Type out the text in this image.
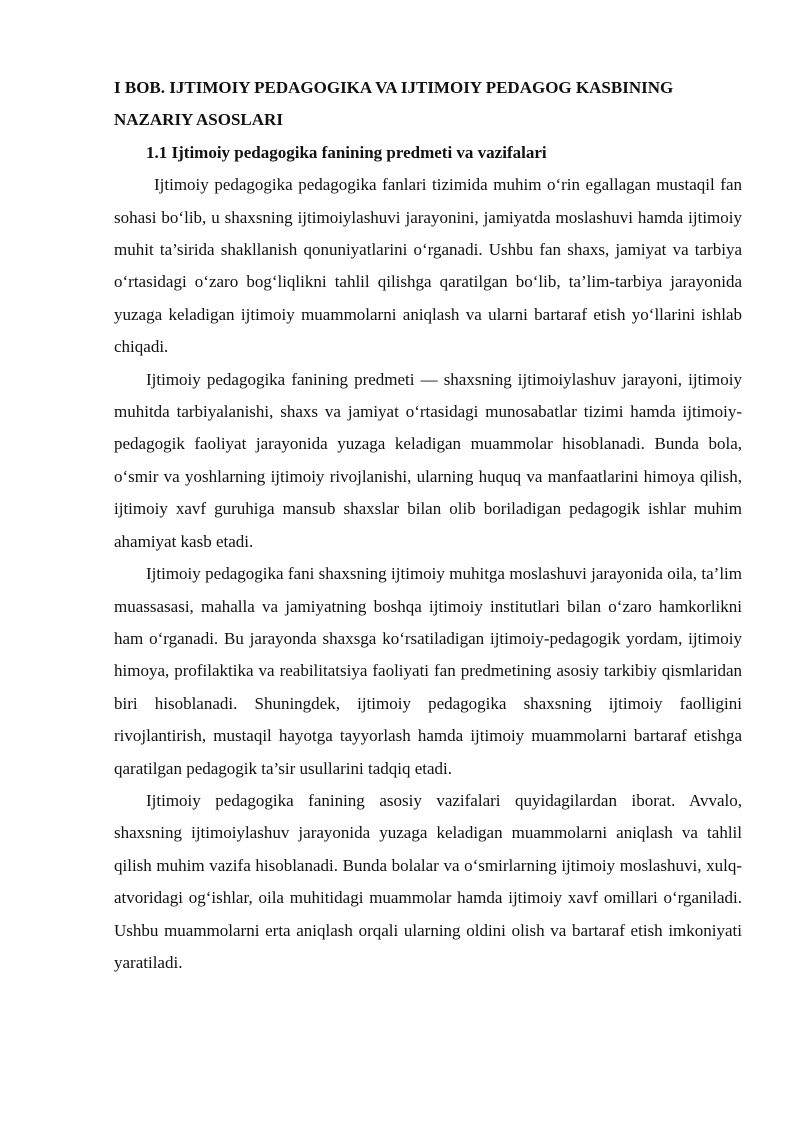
I BOB. IJTIMOIY PEDAGOGIKA VA IJTIMOIY PEDAGOG KASBINING NAZARIY ASOSLARI

1.1 Ijtimoiy pedagogika fanining predmeti va vazifalari

Ijtimoiy pedagogika pedagogika fanlari tizimida muhim o‘rin egallagan mustaqil fan sohasi bo‘lib, u shaxsning ijtimoiylashuvi jarayonini, jamiyatda moslashuvi hamda ijtimoiy muhit ta’sirida shakllanish qonuniyatlarini o‘rganadi. Ushbu fan shaxs, jamiyat va tarbiya o‘rtasidagi o‘zaro bog‘liqlikni tahlil qilishga qaratilgan bo‘lib, ta’lim-tarbiya jarayonida yuzaga keladigan ijtimoiy muammolarni aniqlash va ularni bartaraf etish yo‘llarini ishlab chiqadi.

Ijtimoiy pedagogika fanining predmeti — shaxsning ijtimoiylashuv jarayoni, ijtimoiy muhitda tarbiyalanishi, shaxs va jamiyat o‘rtasidagi munosabatlar tizimi hamda ijtimoiy-pedagogik faoliyat jarayonida yuzaga keladigan muammolar hisoblanadi. Bunda bola, o‘smir va yoshlarning ijtimoiy rivojlanishi, ularning huquq va manfaatlarini himoya qilish, ijtimoiy xavf guruhiga mansub shaxslar bilan olib boriladigan pedagogik ishlar muhim ahamiyat kasb etadi.

Ijtimoiy pedagogika fani shaxsning ijtimoiy muhitga moslashuvi jarayonida oila, ta’lim muassasasi, mahalla va jamiyatning boshqa ijtimoiy institutlari bilan o‘zaro hamkorlikni ham o‘rganadi. Bu jarayonda shaxsga ko‘rsatiladigan ijtimoiy-pedagogik yordam, ijtimoiy himoya, profilaktika va reabilitatsiya faoliyati fan predmetining asosiy tarkibiy qismlaridan biri hisoblanadi. Shuningdek, ijtimoiy pedagogika shaxsning ijtimoiy faolligini rivojlantirish, mustaqil hayotga tayyorlash hamda ijtimoiy muammolarni bartaraf etishga qaratilgan pedagogik ta’sir usullarini tadqiq etadi.

Ijtimoiy pedagogika fanining asosiy vazifalari quyidagilardan iborat. Avvalo, shaxsning ijtimoiylashuv jarayonida yuzaga keladigan muammolarni aniqlash va tahlil qilish muhim vazifa hisoblanadi. Bunda bolalar va o‘smirlarning ijtimoiy moslashuvi, xulq-atvoridagi og‘ishlar, oila muhitidagi muammolar hamda ijtimoiy xavf omillari o‘rganiladi. Ushbu muammolarni erta aniqlash orqali ularning oldini olish va bartaraf etish imkoniyati yaratiladi.
